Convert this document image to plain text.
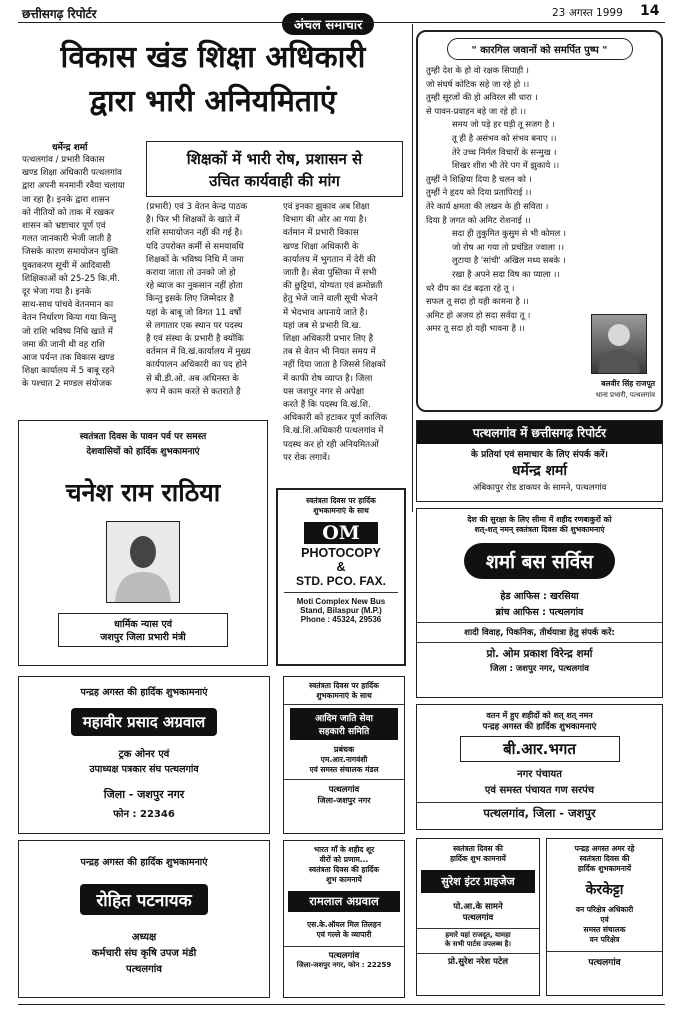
छत्तीसगढ़ रिपोर्टर
अंचल समाचार
23 अगस्त 1999 14
विकास खंड शिक्षा अधिकारी
द्वारा भारी अनियमिताएं
धर्मेन्द्र शर्मा

पत्थलगांव / प्रभारी विकास

खण्ड शिक्षा अधिकारी पत्थलगांव

द्वारा अपनी मनमानी रवैया चलाया

जा रहा है। इनके द्वारा शासन

को नीतियों को ताक में रखकर

शासन को भ्रष्टाचार पूर्ण एवं

गलत जानकारी भेजी जाती है

जिसके कारण समायोजन युक्ति

युक्तकरण सूची में आदिवासी

शिक्षिकाओं को 25-25 कि.मी.

दूर भेजा गया है। इनके

साथ-साथ पांचवे वेतनमान का

वेतन निर्धारण किया गया किन्तु

जो राशि भविष्य निधि खाते में

जमा की जानी थी वह राशि

आज पर्यन्त तक विकास खण्ड

शिक्षा कार्यालय में 5 बाबू रहने

के पश्चात 2 मण्डल संयोजक

शिक्षकों में भारी रोष, प्रशासन से
उचित कार्यवाही की मांग

(प्रभारी) एवं 3 वेतन केन्द्र पाठक

है। फिर भी शिक्षकों के खाते में

राशि समायोजन नहीं की गई है।

यदि उपरोक्त कर्मी से समयावधि

शिक्षकों के भविष्य निधि में जमा

कराया जाता तो उनको जो हो

रहे ब्याज का नुकसान नहीं होता

किन्तु इसके लिए जिम्मेदार है

यहां के बाबू जो विगत 11 वर्षों

से लगातार एक स्थान पर पदस्थ

है एवं संस्था के प्रभारी है क्योंकि

वर्तमान में वि.खं.कार्यालय में मुख्य

कार्यपालन अधिकारी का पद होने

से बी.डी.ओ. अब अधिनस्त के

रूप में काम करते से कतराते है

एवं इनका झुकाव अब शिक्षा

विभाग की ओर आ गया है।

वर्तमान में प्रभारी विकास

खण्ड शिक्षा अधिकारी के

कार्यालय में भुगतान में देरी की

जाती है। सेवा पुस्तिका में सभी

की छुट्टियां, योग्यता एवं क्रमोन्नती

हेतु भेजे जाने वाली सूची भेजने

में भेदभाव अपनाये जाते है।

यहां जब से प्रभारी वि.ख.

शिक्षा अधिकारी प्रभार लिए है

तब से वेतन भी नियत समय में

नहीं दिया जाता है जिससे शिक्षकों

में काफी रोष व्याप्त है। जिला

यस जशपुर नगर से अपेक्षा

करते हैं कि पदस्थ वि.खं.शि.

अधिकारी को हटाकर पूर्ण कालिक

वि.खं.शि.अधिकारी पत्थलगांव में

पदस्थ कर हो रही अनियमितओं

पर रोक लगावें।

" कारगिल जवानों को समर्पित पुष्प "

तुम्ही देश के हो वो रक्षक सिपाही ।

जो संघर्ष कोटिक सहे जा रहे हो ।।

तुम्ही सूरजों की हो अविरल सी धारा ।

से पावन-प्रवाहन बहे जा रहे हो ।।

समय जो पड़े हर घड़ी तू सजग है ।

तू ही है असंभव को संभव बनाए ।।

तेरे उच्च निर्मल विचारों के सन्मुख ।

शिखर शीश भी तेरे पग में झुकाये ।।

तुम्हीं ने शिक्षिया दिया है चलन को ।

तुम्हीं ने हृदय को दिया प्रतापिराई ।।

तेरे कार्य क्षमता की लखन के ही सविता ।

दिया है जगत को अमिट रोशनाई ।।

सदा ही तुकुमित कुसुम से भी कोमल ।

जो रोष आ गया तो प्रचंडित ज्वाला ।।

लुटाया है 'सांची' अखिल मध्य सबके ।

रखा है अपने सदा विष का प्याला ।।

धरे दीप का दंड बढ़ता रहे तू ।

सफल तू सदा हो यही कामना है ।।

अमिट हो अजय हो सदा सर्वदा तू ।

अमर तू सदा हो यही भावना है ।।

बलवीर सिंह राजपूत
थाना प्रभारी, पत्थलगांव
स्वतंत्रता दिवस के पावन पर्व पर समस्त
देशवासियों को हार्दिक शुभकामनाएं
चनेश राम राठिया
धार्मिक न्यास एवं
जशपुर जिला प्रभारी मंत्री
स्वतंत्रता दिवस पर हार्दिक
शुभकामनाएं के साथ
OM
PHOTOCOPY
&
STD. PCO. FAX.
Moti Complex New Bus
Stand, Bilaspur (M.P.)
Phone : 45324, 29536
पत्थलगांव में छत्तीसगढ़ रिपोर्टर
के प्रतियां एवं समाचार के लिए संपर्क करें।
धर्मेन्द्र शर्मा
अंबिकापुर रोड डाकघर के सामने, पत्थलगांव
देश की सुरक्षा के लिए सीमा में शहीद रणबाकुरों को
शत्-शत् नमन् स्वतंत्रता दिवस की शुभकामनाएं
शर्मा बस सर्विस
हेड आफिस : खरसिया
ब्रांच आफिस : पत्थलगांव
शादी विवाह, पिकनिक, तीर्थयात्रा हेतु संपर्क करें:
प्रो. ओम प्रकाश विरेन्द्र शर्मा
जिला : जशपुर नगर, पत्थलगांव
पन्द्रह अगस्त की हार्दिक शुभकामनाएं
महावीर प्रसाद अग्रवाल
ट्रक ओनर एवं
उपाध्यक्ष पत्रकार संघ पत्थलगांव
जिला - जशपुर नगर
फोन : 22346
स्वतंत्रता दिवस पर हार्दिक
शुभकामनाएं के साथ
आदिम जाति सेवा
सहकारी समिति
प्रबंधक
एम.आर.नागवंशी
एवं समस्त संचालक मंडल
पत्थलगांव
जिला-जशपुर नगर
वतन में हुए शहीदों को शत् शत् नमन
पन्द्रह अगस्त की हार्दिक शुभकामनाएं
बी.आर.भगत
नगर पंचायत
एवं समस्त पंचायत गण सरपंच
पत्थलगांव, जिला - जशपुर
पन्द्रह अगस्त की हार्दिक शुभकामनाएं
रोहित पटनायक
अध्यक्ष
कर्मचारी संघ कृषि उपज मंडी
पत्थलगांव
भारत माँ के शहीद शूर
वीरों को प्रणाम...
स्वतंत्रता दिवस की हार्दिक
शुभ कामनायें
रामलाल अग्रवाल
एस.के.ऑयल मिल तिलहन
एवं गल्ले के व्यापारी
पत्थलगांव
जिला-जशपुर नगर, फोन : 22259
स्वतंत्रता दिवस की
हार्दिक शुभ कामनायें
सुरेश इंटर प्राइजेज
पो.आ.के सामने
पत्थलगांव
हमारे यहां राजदूत, यामहा
के सभी पार्टस उपलब्ध है।
प्रो.सुरेश नरेश पटेल
पन्द्रह अगस्त अमर रहे
स्वतंत्रता दिवस की
हार्दिक शुभकामनायें
केरकेट्टा
वन परिक्षेत्र अधिकारी
एवं
समस्त संचालक
वन परिक्षेत्र
पत्थलगांव
